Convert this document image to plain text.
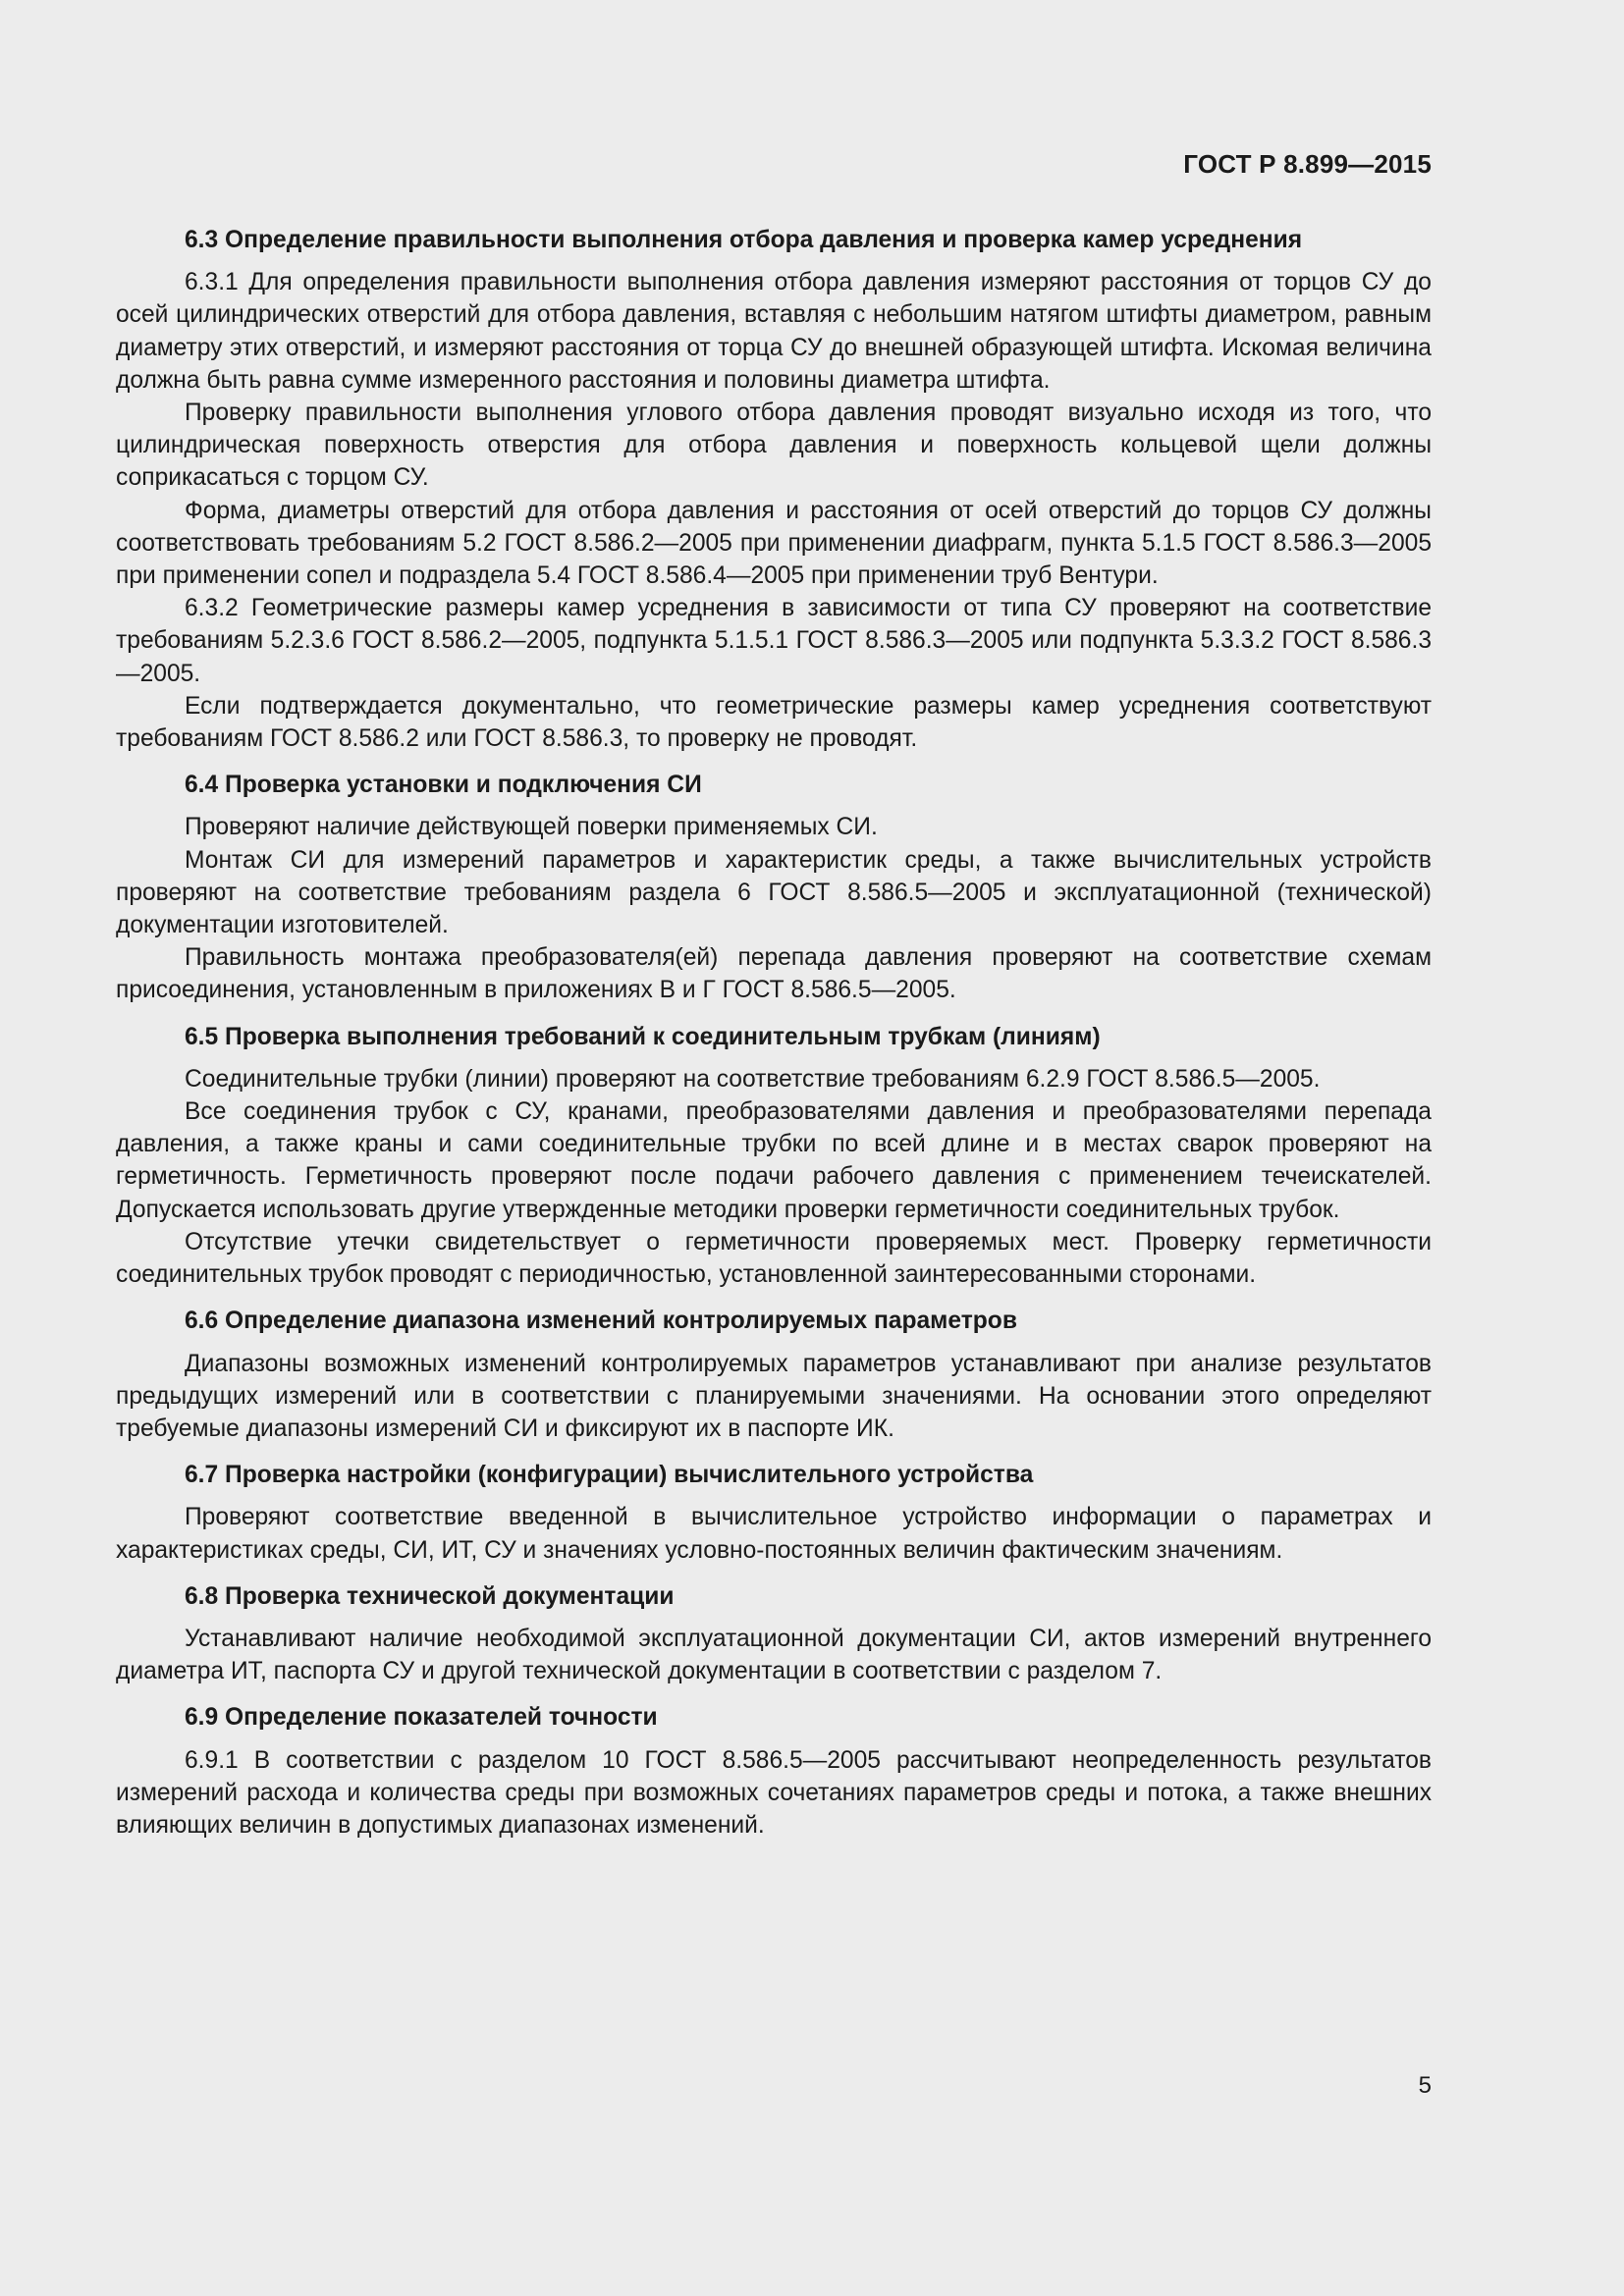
ГОСТ Р 8.899—2015

6.3 Определение правильности выполнения отбора давления и проверка камер усреднения

6.3.1 Для определения правильности выполнения отбора давления измеряют расстояния от торцов СУ до осей цилиндрических отверстий для отбора давления, вставляя с небольшим натягом штифты диаметром, равным диаметру этих отверстий, и измеряют расстояния от торца СУ до внешней образующей штифта. Искомая величина должна быть равна сумме измеренного расстояния и половины диаметра штифта.

Проверку правильности выполнения углового отбора давления проводят визуально исходя из того, что цилиндрическая поверхность отверстия для отбора давления и поверхность кольцевой щели должны соприкасаться с торцом СУ.

Форма, диаметры отверстий для отбора давления и расстояния от осей отверстий до торцов СУ должны соответствовать требованиям 5.2 ГОСТ 8.586.2—2005 при применении диафрагм, пункта 5.1.5 ГОСТ 8.586.3—2005 при применении сопел и подраздела 5.4 ГОСТ 8.586.4—2005 при применении труб Вентури.

6.3.2 Геометрические размеры камер усреднения в зависимости от типа СУ проверяют на соответствие требованиям 5.2.3.6 ГОСТ 8.586.2—2005, подпункта 5.1.5.1 ГОСТ 8.586.3—2005 или подпункта 5.3.3.2 ГОСТ 8.586.3—2005.

Если подтверждается документально, что геометрические размеры камер усреднения соответствуют требованиям ГОСТ 8.586.2 или ГОСТ 8.586.3, то проверку не проводят.

6.4 Проверка установки и подключения СИ

Проверяют наличие действующей поверки применяемых СИ.

Монтаж СИ для измерений параметров и характеристик среды, а также вычислительных устройств проверяют на соответствие требованиям раздела 6 ГОСТ 8.586.5—2005 и эксплуатационной (технической) документации изготовителей.

Правильность монтажа преобразователя(ей) перепада давления проверяют на соответствие схемам присоединения, установленным в приложениях В и Г ГОСТ 8.586.5—2005.

6.5 Проверка выполнения требований к соединительным трубкам (линиям)

Соединительные трубки (линии) проверяют на соответствие требованиям 6.2.9 ГОСТ 8.586.5—2005.

Все соединения трубок с СУ, кранами, преобразователями давления и преобразователями перепада давления, а также краны и сами соединительные трубки по всей длине и в местах сварок проверяют на герметичность. Герметичность проверяют после подачи рабочего давления с применением течеискателей. Допускается использовать другие утвержденные методики проверки герметичности соединительных трубок.

Отсутствие утечки свидетельствует о герметичности проверяемых мест. Проверку герметичности соединительных трубок проводят с периодичностью, установленной заинтересованными сторонами.

6.6 Определение диапазона изменений контролируемых параметров

Диапазоны возможных изменений контролируемых параметров устанавливают при анализе результатов предыдущих измерений или в соответствии с планируемыми значениями. На основании этого определяют требуемые диапазоны измерений СИ и фиксируют их в паспорте ИК.

6.7 Проверка настройки (конфигурации) вычислительного устройства

Проверяют соответствие введенной в вычислительное устройство информации о параметрах и характеристиках среды, СИ, ИТ, СУ и значениях условно-постоянных величин фактическим значениям.

6.8 Проверка технической документации

Устанавливают наличие необходимой эксплуатационной документации СИ, актов измерений внутреннего диаметра ИТ, паспорта СУ и другой технической документации в соответствии с разделом 7.

6.9 Определение показателей точности

6.9.1 В соответствии с разделом 10 ГОСТ 8.586.5—2005 рассчитывают неопределенность результатов измерений расхода и количества среды при возможных сочетаниях параметров среды и потока, а также внешних влияющих величин в допустимых диапазонах изменений.

5
